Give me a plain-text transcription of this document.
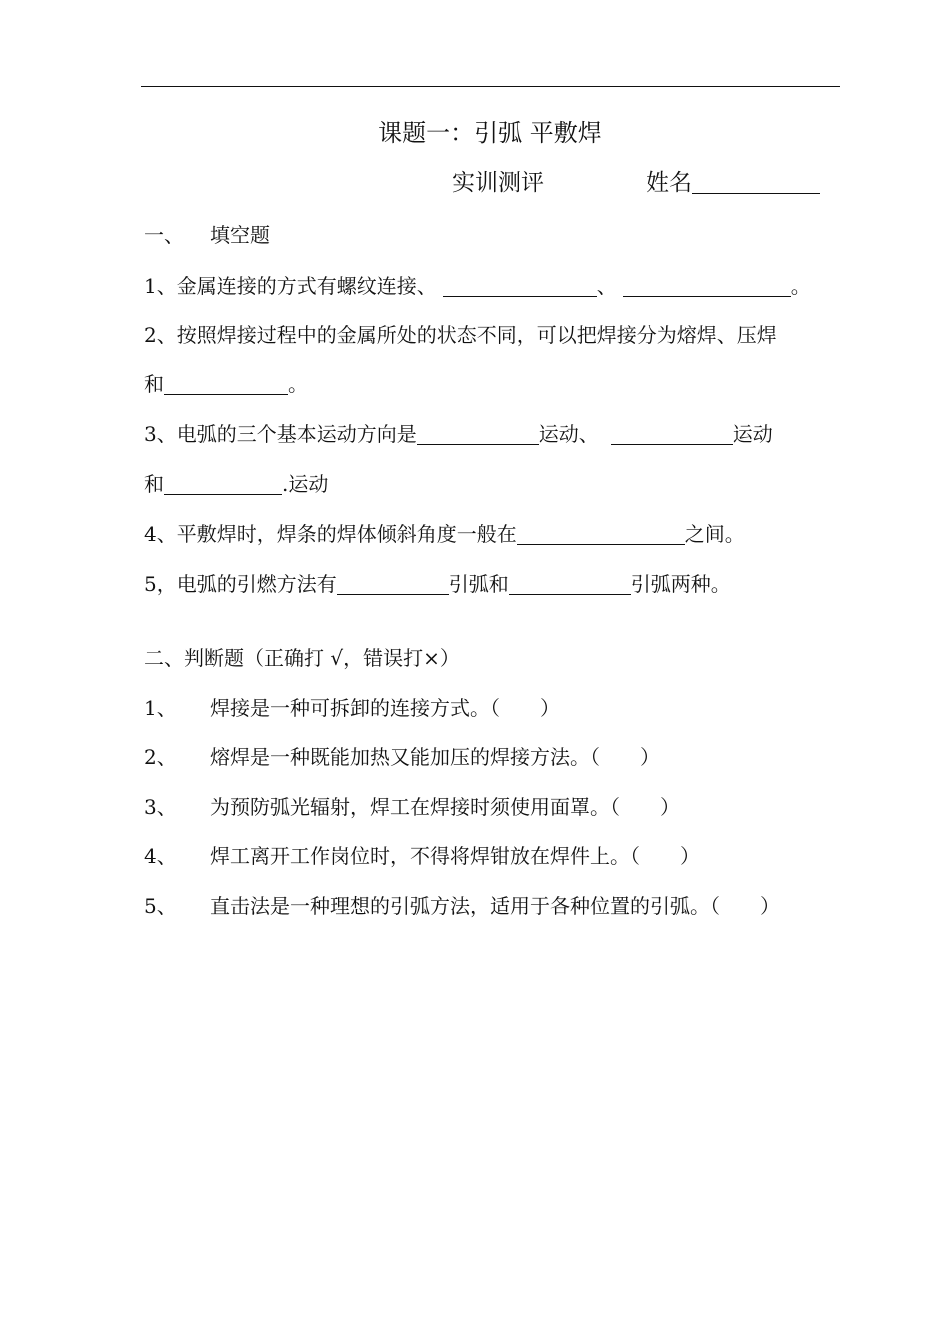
课题一：引弧 平敷焊
实训测评	姓名
一、 填空题
1、金属连接的方式有螺纹连接、	、	。
2、按照焊接过程中的金属所处的状态不同，可以把焊接分为熔焊、压焊
和	。
3、电弧的三个基本运动方向是	运动、	运动
和	.运动
4、平敷焊时，焊条的焊体倾斜角度一般在	之间。
5，电弧的引燃方法有	引弧和	引弧两种。
二、判断题（正确打 √，错误打×）
1、 焊接是一种可拆卸的连接方式。（　　）
2、 熔焊是一种既能加热又能加压的焊接方法。（　　）
3、 为预防弧光辐射，焊工在焊接时须使用面罩。（　　）
4、 焊工离开工作岗位时，不得将焊钳放在焊件上。（　　）
5、 直击法是一种理想的引弧方法，适用于各种位置的引弧。（　　）
